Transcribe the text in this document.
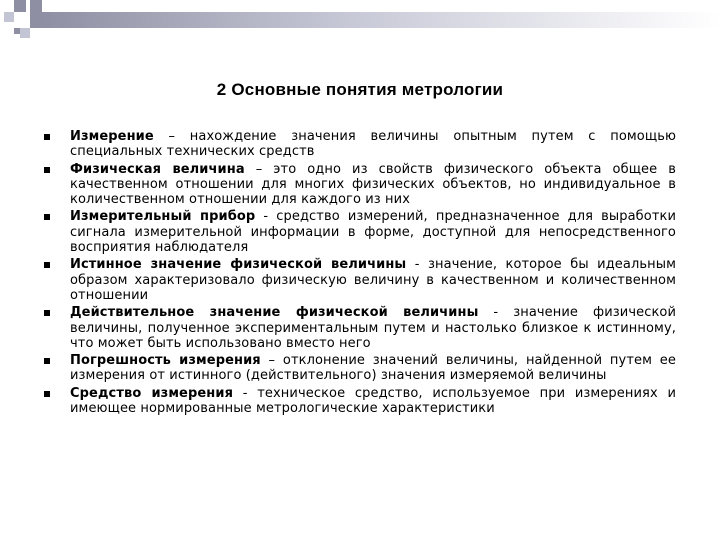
2 Основные понятия метрологии
Измерение – нахождение значения величины опытным путем с помощью специальных технических средств
Физическая величина – это одно из свойств физического объекта общее в качественном отношении для многих физических объектов, но индивидуальное в количественном отношении для каждого из них
Измерительный прибор - средство измерений, предназначенное для выработки сигнала измерительной информации в форме, доступной для непосредственного восприятия наблюдателя
Истинное значение физической величины - значение, которое бы идеальным образом характеризовало физическую величину в качественном и количественном отношении
Действительное значение физической величины - значение физической величины, полученное экспериментальным путем и настолько близкое к истинному, что может быть использовано вместо него
Погрешность измерения – отклонение значений величины, найденной путем ее измерения от истинного (действительного) значения измеряемой величины
Средство измерения - техническое средство, используемое при измерениях и имеющее нормированные метрологические характеристики
